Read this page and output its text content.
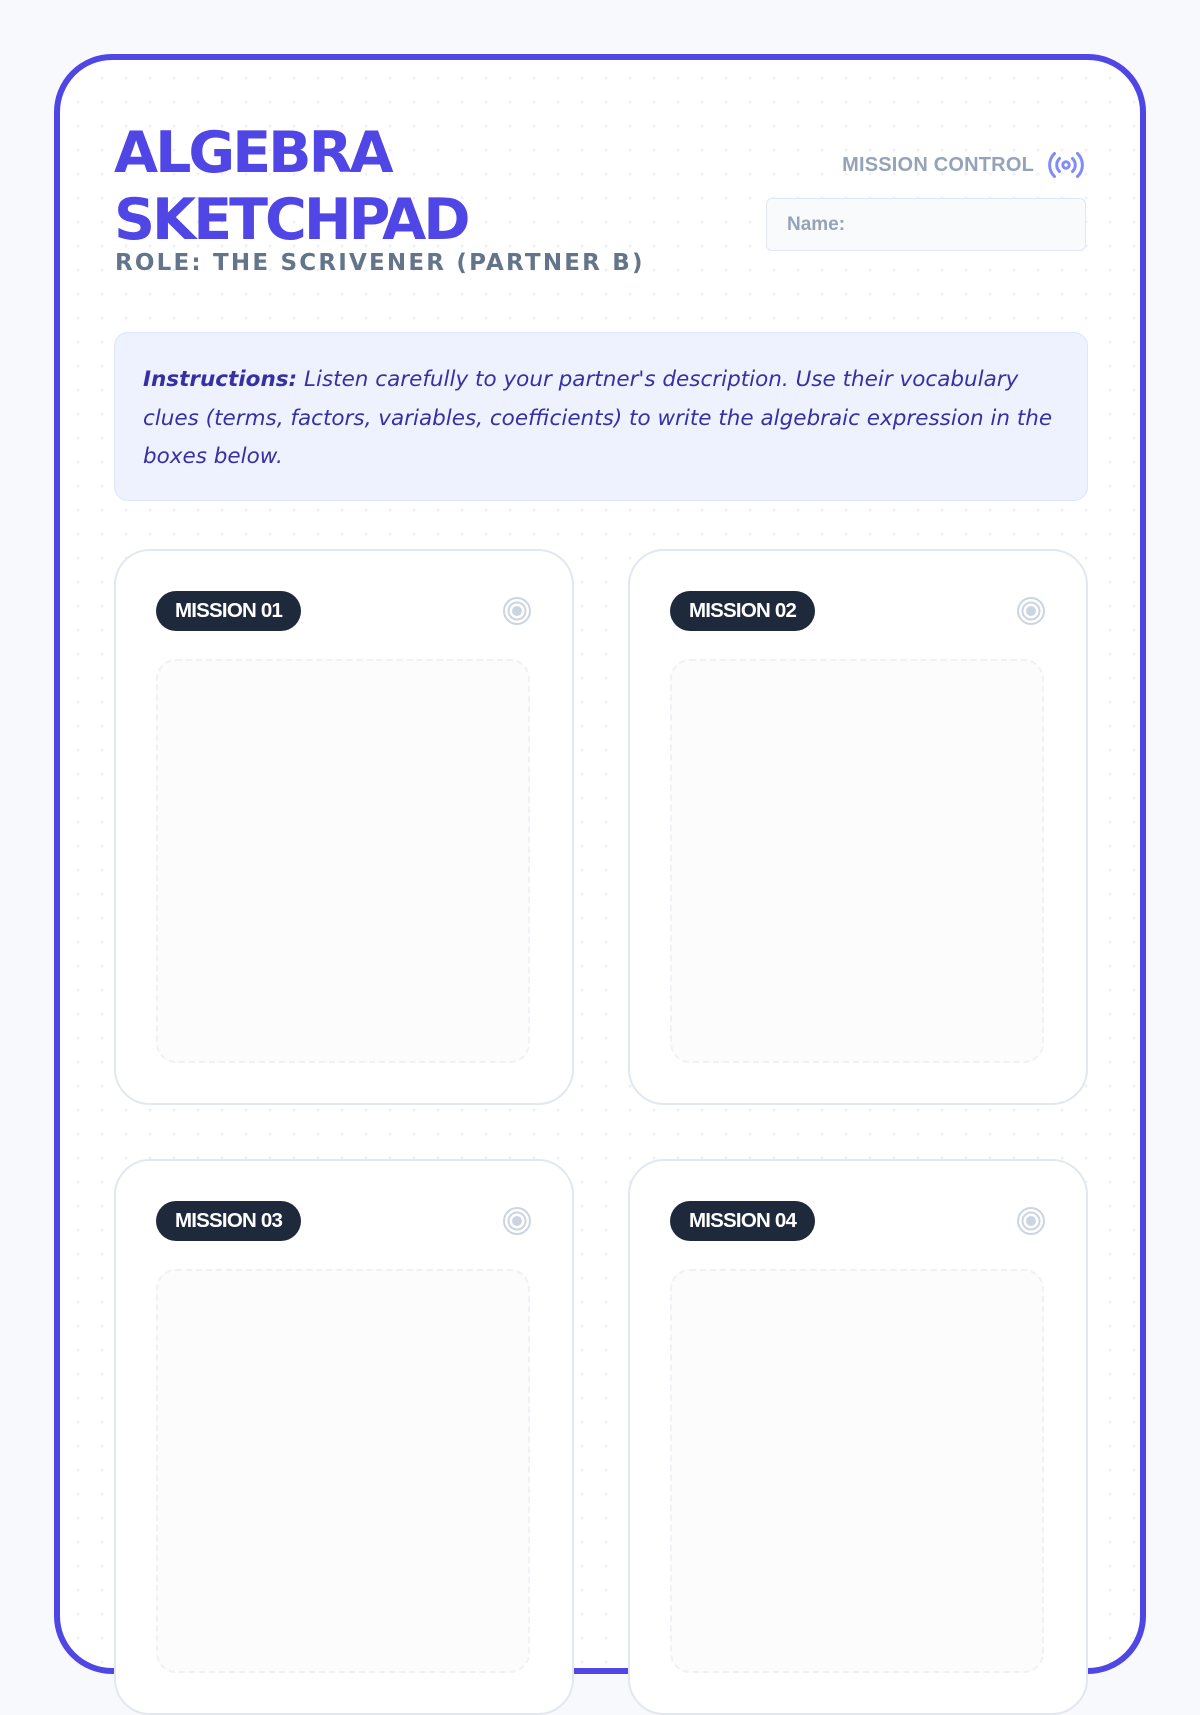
ALGEBRA
SKETCHPAD
ROLE: THE SCRIVENER (PARTNER B)
MISSION CONTROL
Name:
Instructions: Listen carefully to your partner's description. Use their vocabulary clues (terms, factors, variables, coefficients) to write the algebraic expression in the boxes below.
MISSION 01	MISSION 02
MISSION 03	MISSION 04
